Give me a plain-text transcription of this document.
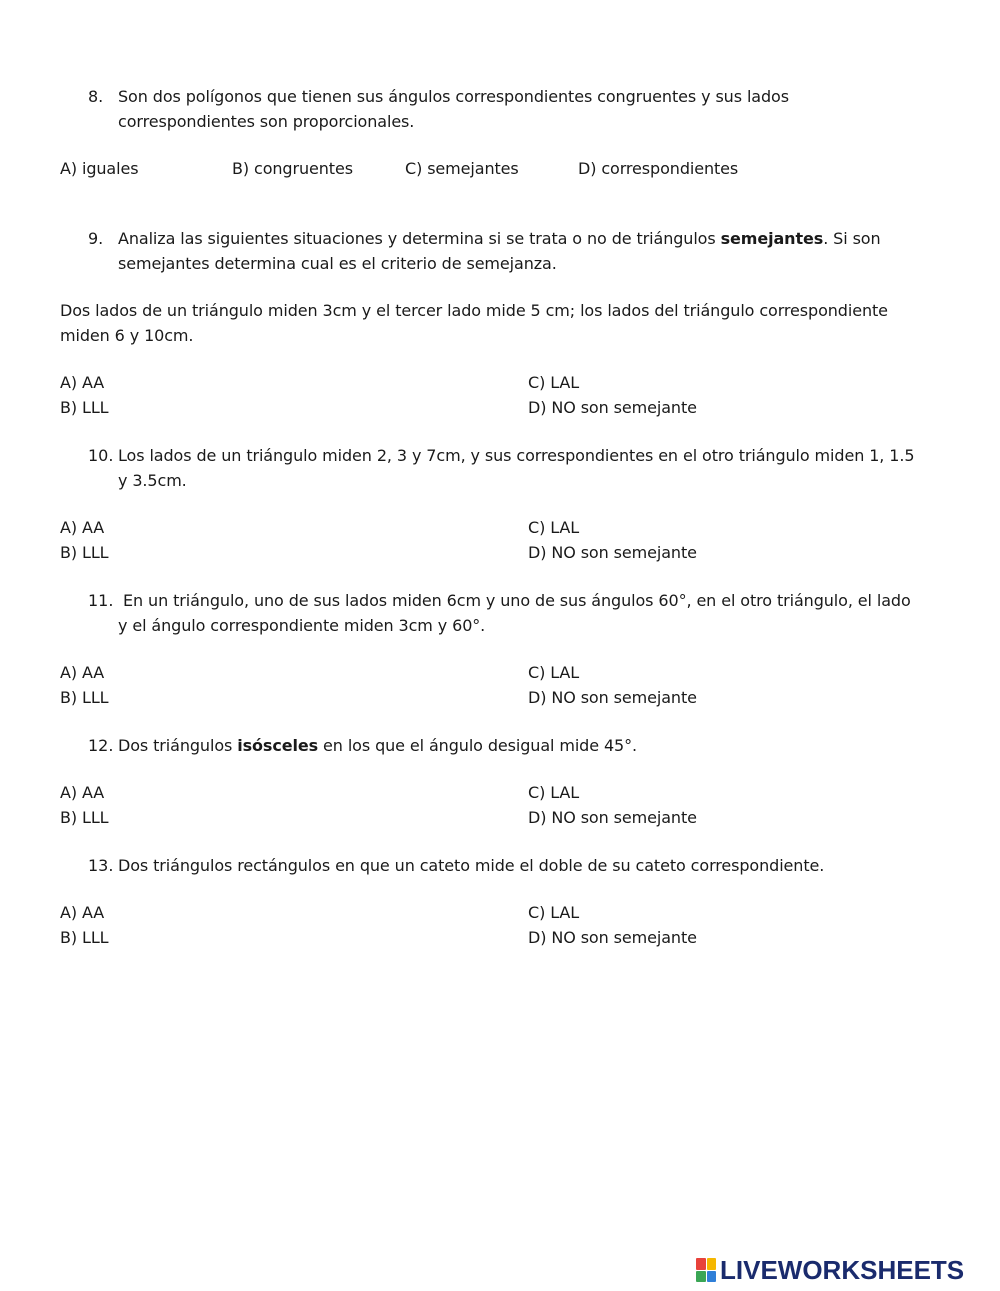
8. Son dos polígonos que tienen sus ángulos correspondientes congruentes y sus lados
correspondientes son proporcionales.
A) iguales	B) congruentes	C) semejantes	D) correspondientes
9. Analiza las siguientes situaciones y determina si se trata o no de triángulos semejantes. Si son
semejantes determina cual es el criterio de semejanza.
Dos lados de un triángulo miden 3cm y el tercer lado mide 5 cm; los lados del triángulo correspondiente
miden 6 y 10cm.
A) AA	C) LAL
B) LLL	D) NO son semejante
10. Los lados de un triángulo miden 2, 3 y 7cm, y sus correspondientes en el otro triángulo miden 1, 1.5
y 3.5cm.
A) AA	C) LAL
B) LLL	D) NO son semejante
11. En un triángulo, uno de sus lados miden 6cm y uno de sus ángulos 60°, en el otro triángulo, el lado
y el ángulo correspondiente miden 3cm y 60°.
A) AA	C) LAL
B) LLL	D) NO son semejante
12. Dos triángulos isósceles en los que el ángulo desigual mide 45°.
A) AA	C) LAL
B) LLL	D) NO son semejante
13. Dos triángulos rectángulos en que un cateto mide el doble de su cateto correspondiente.
A) AA	C) LAL
B) LLL	D) NO son semejante
LIVEWORKSHEETS
